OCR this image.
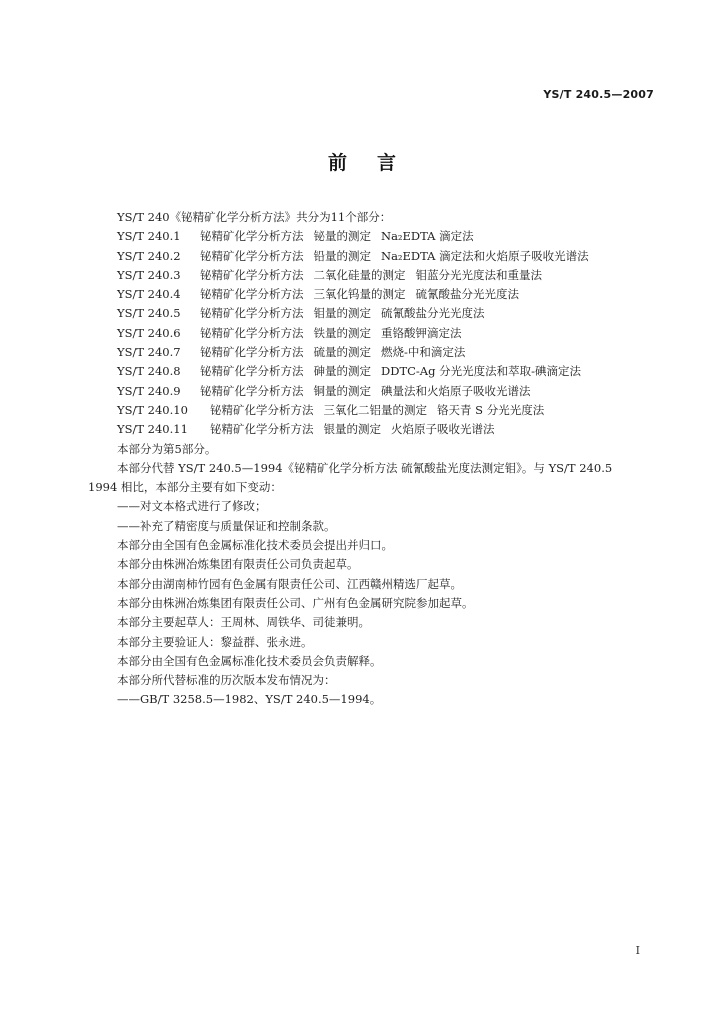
YS/T 240.5—2007
前言
YS/T 240《铋精矿化学分析方法》共分为11个部分：
YS/T 240.1 铋精矿化学分析方法 铋量的测定 Na₂EDTA 滴定法
YS/T 240.2 铋精矿化学分析方法 铅量的测定 Na₂EDTA 滴定法和火焰原子吸收光谱法
YS/T 240.3 铋精矿化学分析方法 二氧化硅量的测定 钼蓝分光光度法和重量法
YS/T 240.4 铋精矿化学分析方法 三氧化钨量的测定 硫氰酸盐分光光度法
YS/T 240.5 铋精矿化学分析方法 钼量的测定 硫氰酸盐分光光度法
YS/T 240.6 铋精矿化学分析方法 铁量的测定 重铬酸钾滴定法
YS/T 240.7 铋精矿化学分析方法 硫量的测定 燃烧-中和滴定法
YS/T 240.8 铋精矿化学分析方法 砷量的测定 DDTC-Ag 分光光度法和萃取-碘滴定法
YS/T 240.9 铋精矿化学分析方法 铜量的测定 碘量法和火焰原子吸收光谱法
YS/T 240.10 铋精矿化学分析方法 三氧化二铝量的测定 铬天青 S 分光光度法
YS/T 240.11 铋精矿化学分析方法 银量的测定 火焰原子吸收光谱法
本部分为第5部分。
本部分代替 YS/T 240.5—1994《铋精矿化学分析方法 硫氰酸盐光度法测定钼》。与 YS/T 240.5
1994 相比，本部分主要有如下变动：
——对文本格式进行了修改；
——补充了精密度与质量保证和控制条款。
本部分由全国有色金属标准化技术委员会提出并归口。
本部分由株洲冶炼集团有限责任公司负责起草。
本部分由湖南柿竹园有色金属有限责任公司、江西赣州精选厂起草。
本部分由株洲冶炼集团有限责任公司、广州有色金属研究院参加起草。
本部分主要起草人：王周林、周铁华、司徒兼明。
本部分主要验证人：黎益群、张永进。
本部分由全国有色金属标准化技术委员会负责解释。
本部分所代替标准的历次版本发布情况为：
——GB/T 3258.5—1982、YS/T 240.5—1994。
I
